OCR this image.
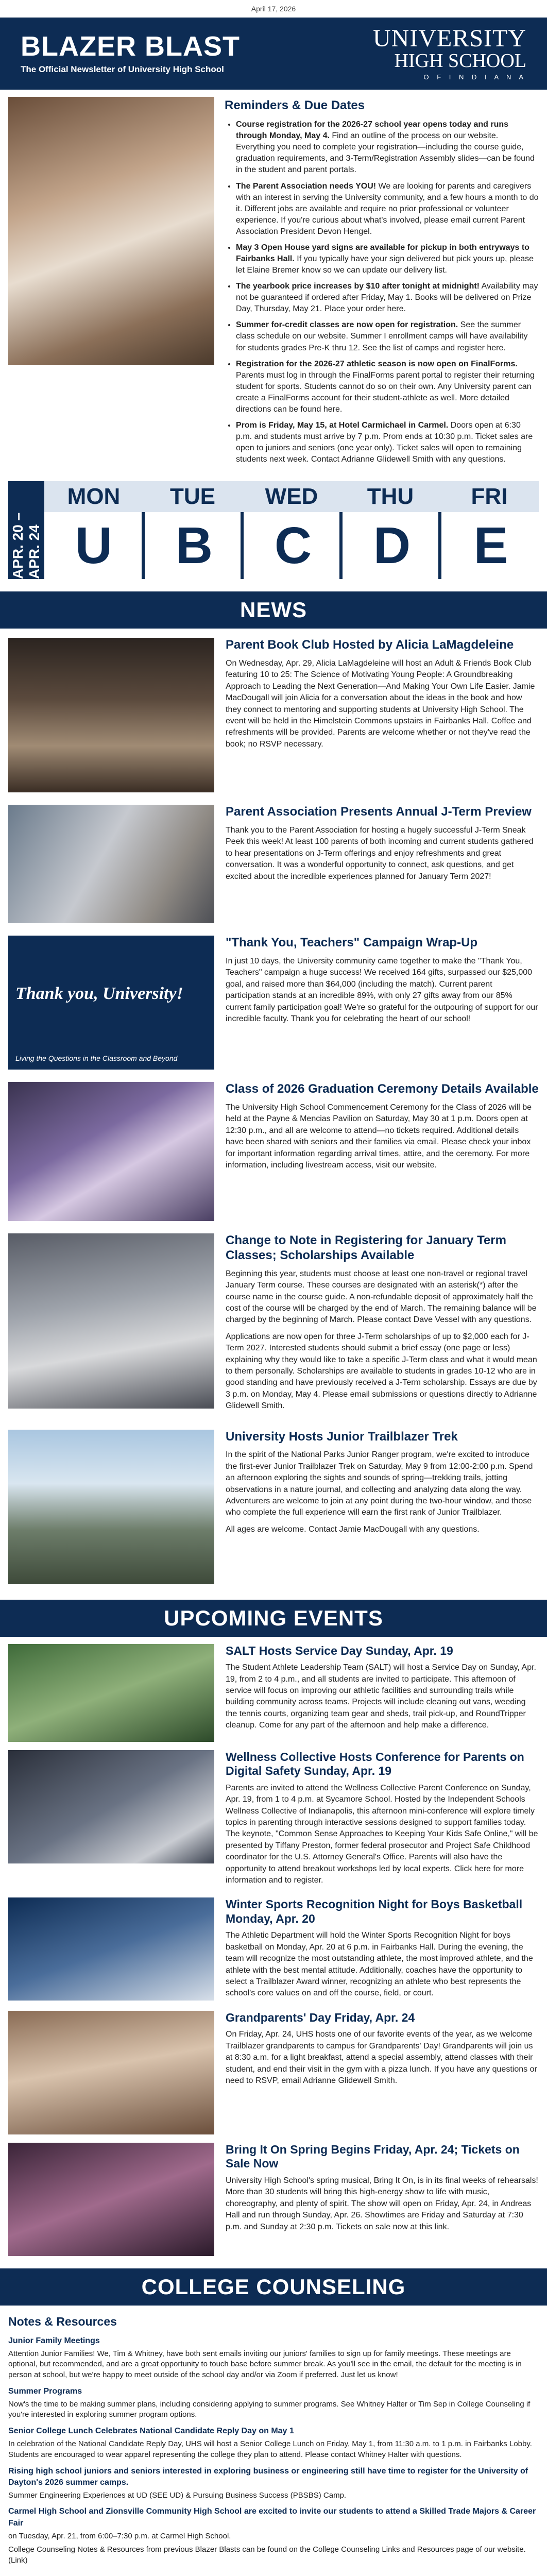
April 17, 2026
BLAZER BLAST
The Official Newsletter of University High School
UNIVERSITY
HIGH SCHOOL
O F I N D I A N A
Reminders & Due Dates
• Course registration for the 2026-27 school year opens today and runs through Monday, May 4. Find an outline of the process on our website. Everything you need to complete your registration—including the course guide, graduation requirements, and 3-Term/Registration Assembly slides—can be found in the student and parent portals.
• The Parent Association needs YOU! We are looking for parents and caregivers with an interest in serving the University community, and a few hours a month to do it. Different jobs are available and require no prior professional or volunteer experience. If you're curious about what's involved, please email current Parent Association President Devon Hengel.
• May 3 Open House yard signs are available for pickup in both entryways to Fairbanks Hall. If you typically have your sign delivered but pick yours up, please let Elaine Bremer know so we can update our delivery list.
• The yearbook price increases by $10 after tonight at midnight! Availability may not be guaranteed if ordered after Friday, May 1. Books will be delivered on Prize Day, Thursday, May 21. Place your order here.
• Summer for-credit classes are now open for registration. See the summer class schedule on our website. Summer I enrollment camps will have availability for students grades Pre-K thru 12. See the list of camps and register here.
• Registration for the 2026-27 athletic season is now open on FinalForms. Parents must log in through the FinalForms parent portal to register their returning student for sports. Students cannot do so on their own. Any University parent can create a FinalForms account for their student-athlete as well. More detailed directions can be found here.
• Prom is Friday, May 15, at Hotel Carmichael in Carmel. Doors open at 6:30 p.m. and students must arrive by 7 p.m. Prom ends at 10:30 p.m. Ticket sales are open to juniors and seniors (one year only). Ticket sales will open to remaining students next week. Contact Adrianne Glidewell Smith with any questions.
APR. 20 – APR. 24
MON
U
TUE
B
WED
C
THU
D
FRI
E
NEWS
Parent Book Club Hosted by Alicia LaMagdeleine

On Wednesday, Apr. 29, Alicia LaMagdeleine will host an Adult & Friends Book Club featuring 10 to 25: The Science of Motivating Young People: A Groundbreaking Approach to Leading the Next Generation—And Making Your Own Life Easier. Jamie MacDougall will join Alicia for a conversation about the ideas in the book and how they connect to mentoring and supporting students at University High School. The event will be held in the Himelstein Commons upstairs in Fairbanks Hall. Coffee and refreshments will be provided. Parents are welcome whether or not they've read the book; no RSVP necessary.

Parent Association Presents Annual J-Term Preview

Thank you to the Parent Association for hosting a hugely successful J-Term Sneak Peek this week! At least 100 parents of both incoming and current students gathered to hear presentations on J-Term offerings and enjoy refreshments and great conversation. It was a wonderful opportunity to connect, ask questions, and get excited about the incredible experiences planned for January Term 2027!

Thank you, University!
Living the Questions in the Classroom and Beyond
"Thank You, Teachers" Campaign Wrap-Up

In just 10 days, the University community came together to make the "Thank You, Teachers" campaign a huge success! We received 164 gifts, surpassed our $25,000 goal, and raised more than $64,000 (including the match). Current parent participation stands at an incredible 89%, with only 27 gifts away from our 85% current family participation goal! We're so grateful for the outpouring of support for our incredible faculty. Thank you for celebrating the heart of our school!

Class of 2026 Graduation Ceremony Details Available

The University High School Commencement Ceremony for the Class of 2026 will be held at the Payne & Mencias Pavilion on Saturday, May 30 at 1 p.m. Doors open at 12:30 p.m., and all are welcome to attend—no tickets required. Additional details have been shared with seniors and their families via email. Please check your inbox for important information regarding arrival times, attire, and the ceremony. For more information, including livestream access, visit our website.

Change to Note in Registering for January Term Classes; Scholarships Available

Beginning this year, students must choose at least one non-travel or regional travel January Term course. These courses are designated with an asterisk(*) after the course name in the course guide. A non-refundable deposit of approximately half the cost of the course will be charged by the end of March. The remaining balance will be charged by the beginning of March. Please contact Dave Vessel with any questions.

Applications are now open for three J-Term scholarships of up to $2,000 each for J-Term 2027. Interested students should submit a brief essay (one page or less) explaining why they would like to take a specific J-Term class and what it would mean to them personally. Scholarships are available to students in grades 10-12 who are in good standing and have previously received a J-Term scholarship. Essays are due by 3 p.m. on Monday, May 4. Please email submissions or questions directly to Adrianne Glidewell Smith.

University Hosts Junior Trailblazer Trek

In the spirit of the National Parks Junior Ranger program, we're excited to introduce the first-ever Junior Trailblazer Trek on Saturday, May 9 from 12:00-2:00 p.m. Spend an afternoon exploring the sights and sounds of spring—trekking trails, jotting observations in a nature journal, and collecting and analyzing data along the way. Adventurers are welcome to join at any point during the two-hour window, and those who complete the full experience will earn the first rank of Junior Trailblazer.

All ages are welcome. Contact Jamie MacDougall with any questions.

UPCOMING EVENTS
SALT Hosts Service Day Sunday, Apr. 19

The Student Athlete Leadership Team (SALT) will host a Service Day on Sunday, Apr. 19, from 2 to 4 p.m., and all students are invited to participate. This afternoon of service will focus on improving our athletic facilities and surrounding trails while building community across teams. Projects will include cleaning out vans, weeding the tennis courts, organizing team gear and sheds, trail pick-up, and RoundTripper cleanup. Come for any part of the afternoon and help make a difference.

Wellness Collective Hosts Conference for Parents on Digital Safety Sunday, Apr. 19

Parents are invited to attend the Wellness Collective Parent Conference on Sunday, Apr. 19, from 1 to 4 p.m. at Sycamore School. Hosted by the Independent Schools Wellness Collective of Indianapolis, this afternoon mini-conference will explore timely topics in parenting through interactive sessions designed to support families today. The keynote, "Common Sense Approaches to Keeping Your Kids Safe Online," will be presented by Tiffany Preston, former federal prosecutor and Project Safe Childhood coordinator for the U.S. Attorney General's Office. Parents will also have the opportunity to attend breakout workshops led by local experts. Click here for more information and to register.

Winter Sports Recognition Night for Boys Basketball Monday, Apr. 20

The Athletic Department will hold the Winter Sports Recognition Night for boys basketball on Monday, Apr. 20 at 6 p.m. in Fairbanks Hall. During the evening, the team will recognize the most outstanding athlete, the most improved athlete, and the athlete with the best mental attitude. Additionally, coaches have the opportunity to select a Trailblazer Award winner, recognizing an athlete who best represents the school's core values on and off the course, field, or court.

Grandparents' Day Friday, Apr. 24

On Friday, Apr. 24, UHS hosts one of our favorite events of the year, as we welcome Trailblazer grandparents to campus for Grandparents' Day! Grandparents will join us at 8:30 a.m. for a light breakfast, attend a special assembly, attend classes with their student, and end their visit in the gym with a pizza lunch. If you have any questions or need to RSVP, email Adrianne Glidewell Smith.

Bring It On Spring Begins Friday, Apr. 24; Tickets on Sale Now

University High School's spring musical, Bring It On, is in its final weeks of rehearsals! More than 30 students will bring this high-energy show to life with music, choreography, and plenty of spirit. The show will open on Friday, Apr. 24, in Andreas Hall and run through Sunday, Apr. 26. Showtimes are Friday and Saturday at 7:30 p.m. and Sunday at 2:30 p.m. Tickets on sale now at this link.

COLLEGE COUNSELING
Notes & Resources
Junior Family Meetings

Attention Junior Families! We, Tim & Whitney, have both sent emails inviting our juniors' families to sign up for family meetings. These meetings are optional, but recommended, and are a great opportunity to touch base before summer break. As you'll see in the email, the default for the meeting is in person at school, but we're happy to meet outside of the school day and/or via Zoom if preferred. Just let us know!

Summer Programs

Now's the time to be making summer plans, including considering applying to summer programs. See Whitney Halter or Tim Sep in College Counseling if you're interested in exploring summer program options.

Senior College Lunch Celebrates National Candidate Reply Day on May 1

In celebration of the National Candidate Reply Day, UHS will host a Senior College Lunch on Friday, May 1, from 11:30 a.m. to 1 p.m. in Fairbanks Lobby. Students are encouraged to wear apparel representing the college they plan to attend. Please contact Whitney Halter with questions.

Rising high school juniors and seniors interested in exploring business or engineering still have time to register for the University of Dayton's 2026 summer camps.

Summer Engineering Experiences at UD (SEE UD) & Pursuing Business Success (PBSBS) Camp.

Carmel High School and Zionsville Community High School are excited to invite our students to attend a Skilled Trade Majors & Career Fair

on Tuesday, Apr. 21, from 6:00–7:30 p.m. at Carmel High School.

College Counseling Notes & Resources from previous Blazer Blasts can be found on the College Counseling Links and Resources page of our website. (Link)
